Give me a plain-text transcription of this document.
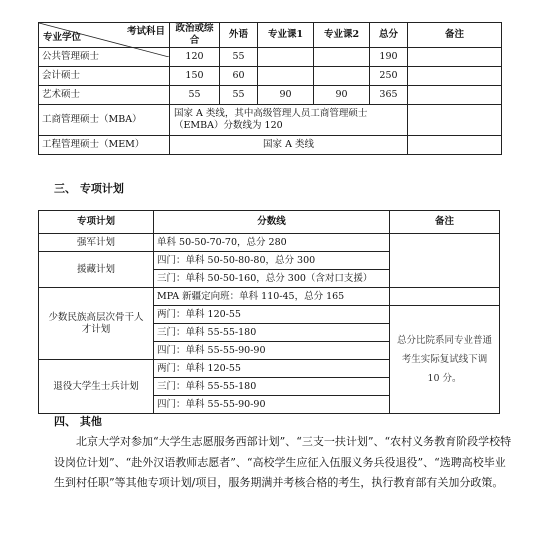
考试科目
专业学位	政治或综合	外语	专业课1	专业课2	总分	备注
公共管理硕士	120	55			190	
会计硕士	150	60			250	
艺术硕士	55	55	90	90	365	
工商管理硕士（MBA）	国家 A 类线，其中高级管理人员工商管理硕士（EMBA）分数线为 120					
工程管理硕士（MEM）	国家 A 类线					
三、 专项计划
专项计划	分数线	备注
强军计划	单科 50-50-70-70，总分 280	
援藏计划	四门：单科 50-50-80-80，总分 300	
	三门：单科 50-50-160，总分 300（含对口支援）	
少数民族高层次骨干人才计划	MPA 新疆定向班：单科 110-45，总分 165	
	两门：单科 120-55	总分比院系同专业普通考生实际复试线下调 10 分。
	三门：单科 55-55-180	
	四门：单科 55-55-90-90	
退役大学生士兵计划	两门：单科 120-55	
	三门：单科 55-55-180	
	四门：单科 55-55-90-90	
四、 其他
北京大学对参加“大学生志愿服务西部计划”、“三支一扶计划”、“农村义务教育阶段学校特设岗位计划”、“赴外汉语教师志愿者”、“高校学生应征入伍服义务兵役退役”、“选聘高校毕业生到村任职”等其他专项计划/项目，服务期满并考核合格的考生，执行教育部有关加分政策。
